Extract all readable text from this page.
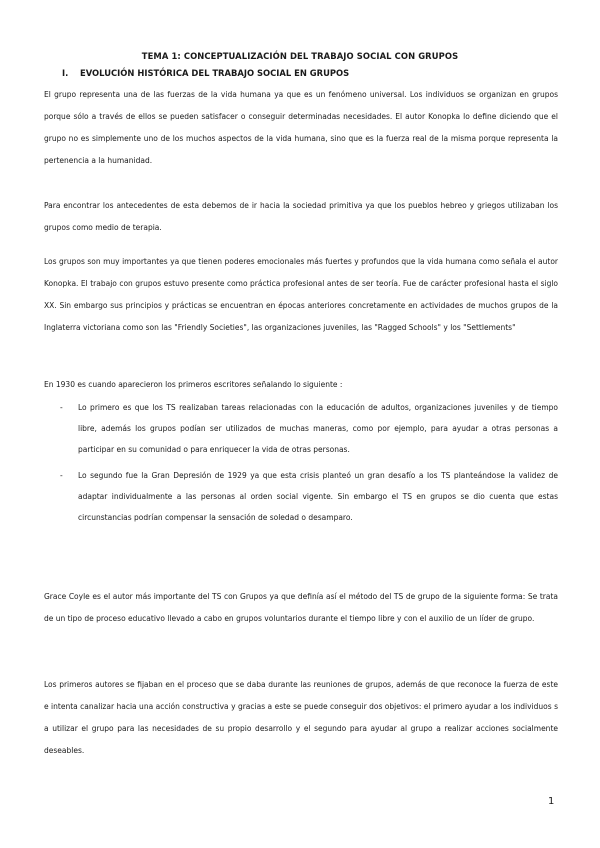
TEMA 1: CONCEPTUALIZACIÓN DEL TRABAJO SOCIAL CON GRUPOS
I. EVOLUCIÓN HISTÓRICA DEL TRABAJO SOCIAL EN GRUPOS

El grupo representa una de las fuerzas de la vida humana ya que es un fenómeno universal. Los individuos se organizan en grupos porque sólo a través de ellos se pueden satisfacer o conseguir determinadas necesidades. El autor Konopka lo define diciendo que el grupo no es simplemente uno de los muchos aspectos de la vida humana, sino que es la fuerza real de la misma porque representa la pertenencia a la humanidad.

Para encontrar los antecedentes de esta debemos de ir hacia la sociedad primitiva ya que los pueblos hebreo y griegos utilizaban los grupos como medio de terapia.

Los grupos son muy importantes ya que tienen poderes emocionales más fuertes y profundos que la vida humana como señala el autor Konopka. El trabajo con grupos estuvo presente como práctica profesional antes de ser teoría. Fue de carácter profesional hasta el siglo XX. Sin embargo sus principios y prácticas se encuentran en épocas anteriores concretamente en actividades de muchos grupos de la Inglaterra victoriana como son las "Friendly Societies", las organizaciones juveniles, las "Ragged Schools" y los "Settlements"

En 1930 es cuando aparecieron los primeros escritores señalando lo siguiente :

- Lo primero es que los TS realizaban tareas relacionadas con la educación de adultos, organizaciones juveniles y de tiempo libre, además los grupos podían ser utilizados de muchas maneras, como por ejemplo, para ayudar a otras personas a participar en su comunidad o para enriquecer la vida de otras personas.
- Lo segundo fue la Gran Depresión de 1929 ya que esta crisis planteó un gran desafío a los TS planteándose la validez de adaptar individualmente a las personas al orden social vigente. Sin embargo el TS en grupos se dio cuenta que estas circunstancias podrían compensar la sensación de soledad o desamparo.

Grace Coyle es el autor más importante del TS con Grupos ya que definía así el método del TS de grupo de la siguiente forma: Se trata de un tipo de proceso educativo llevado a cabo en grupos voluntarios durante el tiempo libre y con el auxilio de un líder de grupo.

Los primeros autores se fijaban en el proceso que se daba durante las reuniones de grupos, además de que reconoce la fuerza de este e intenta canalizar hacia una acción constructiva y gracias a este se puede conseguir dos objetivos: el primero ayudar a los individuos s a utilizar el grupo para las necesidades de su propio desarrollo y el segundo para ayudar al grupo a realizar acciones socialmente deseables.

1
